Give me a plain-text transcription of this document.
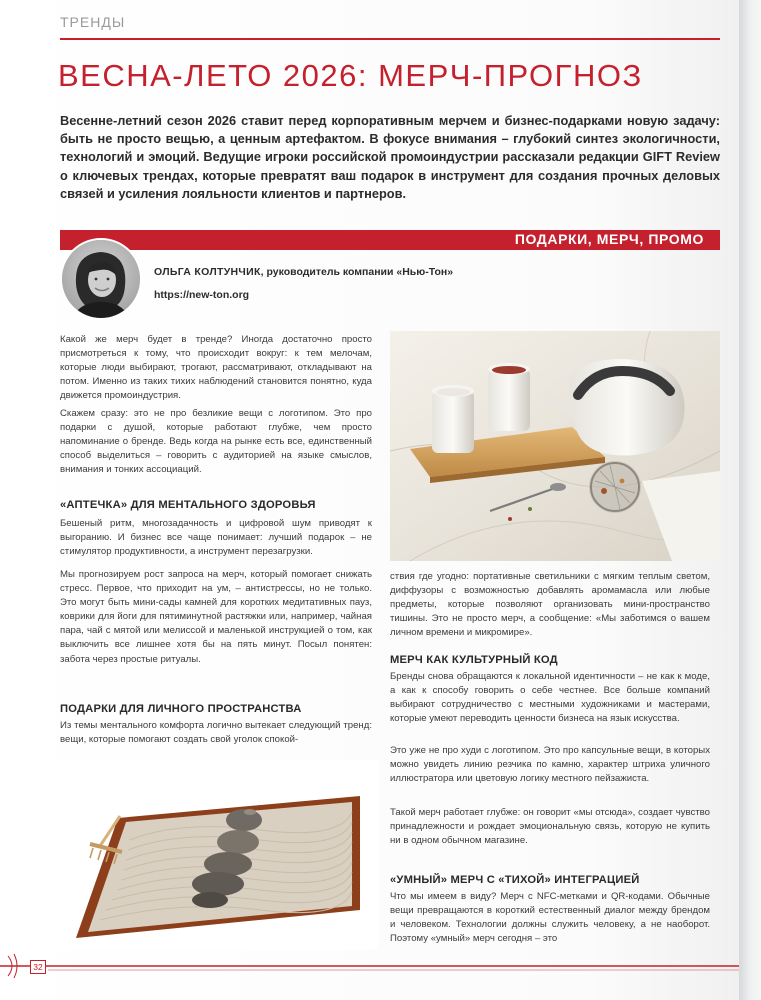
ТРЕНДЫ
ВЕСНА-ЛЕТО 2026: МЕРЧ-ПРОГНОЗ

Весенне-летний сезон 2026 ставит перед корпоративным мерчем и бизнес-подарками новую задачу: быть не просто вещью, а ценным артефактом. В фокусе внимания – глубокий синтез экологичности, технологий и эмоций. Ведущие игроки российской промоиндустрии рассказали редакции GIFT Review о ключевых трендах, которые превратят ваш подарок в инструмент для создания прочных деловых связей и усиления лояльности клиентов и партнеров.

ПОДАРКИ, МЕРЧ, ПРОМО
ОЛЬГА КОЛТУНЧИК, руководитель компании «Нью-Тон»
https://new-ton.org

Какой же мерч будет в тренде? Иногда достаточно просто присмотреться к тому, что происходит вокруг: к тем мелочам, которые люди выбирают, трогают, рассматривают, откладывают на потом. Именно из таких тихих наблюдений становится понятно, куда движется промоиндустрия.

Скажем сразу: это не про безликие вещи с логотипом. Это про подарки с душой, которые работают глубже, чем просто напоминание о бренде. Ведь когда на рынке есть все, единственный способ выделиться – говорить с аудиторией на языке смыслов, внимания и тонких ассоциаций.

«АПТЕЧКА» ДЛЯ МЕНТАЛЬНОГО ЗДОРОВЬЯ

Бешеный ритм, многозадачность и цифровой шум приводят к выгоранию. И бизнес все чаще понимает: лучший подарок – не стимулятор продуктивности, а инструмент перезагрузки.

Мы прогнозируем рост запроса на мерч, который помогает снижать стресс. Первое, что приходит на ум, – антистрессы, но не только. Это могут быть мини-сады камней для коротких медитативных пауз, коврики для йоги для пятиминутной растяжки или, например, чайная пара, чай с мятой или мелиссой и маленькой инструкцией о том, как выключить все лишнее хотя бы на пять минут. Посыл понятен: забота через простые ритуалы.

ПОДАРКИ ДЛЯ ЛИЧНОГО ПРОСТРАНСТВА

Из темы ментального комфорта логично вытекает следующий тренд: вещи, которые помогают создать свой уголок спокой-

ствия где угодно: портативные светильники с мягким теплым светом, диффузоры с возможностью добавлять аромамасла или любые предметы, которые позволяют организовать мини-пространство тишины. Это не просто мерч, а сообщение: «Мы заботимся о вашем личном времени и микромире».

МЕРЧ КАК КУЛЬТУРНЫЙ КОД

Бренды снова обращаются к локальной идентичности – не как к моде, а как к способу говорить о себе честнее. Все больше компаний выбирают сотрудничество с местными художниками и мастерами, которые умеют переводить ценности бизнеса на язык искусства.

Это уже не про худи с логотипом. Это про капсульные вещи, в которых можно увидеть линию резчика по камню, характер штриха уличного иллюстратора или цветовую логику местного пейзажиста.

Такой мерч работает глубже: он говорит «мы отсюда», создает чувство принадлежности и рождает эмоциональную связь, которую не купить ни в одном обычном магазине.

«УМНЫЙ» МЕРЧ С «ТИХОЙ» ИНТЕГРАЦИЕЙ

Что мы имеем в виду? Мерч с NFC-метками и QR-кодами. Обычные вещи превращаются в короткий естественный диалог между брендом и человеком. Технологии должны служить человеку, а не наоборот. Поэтому «умный» мерч сегодня – это

32
